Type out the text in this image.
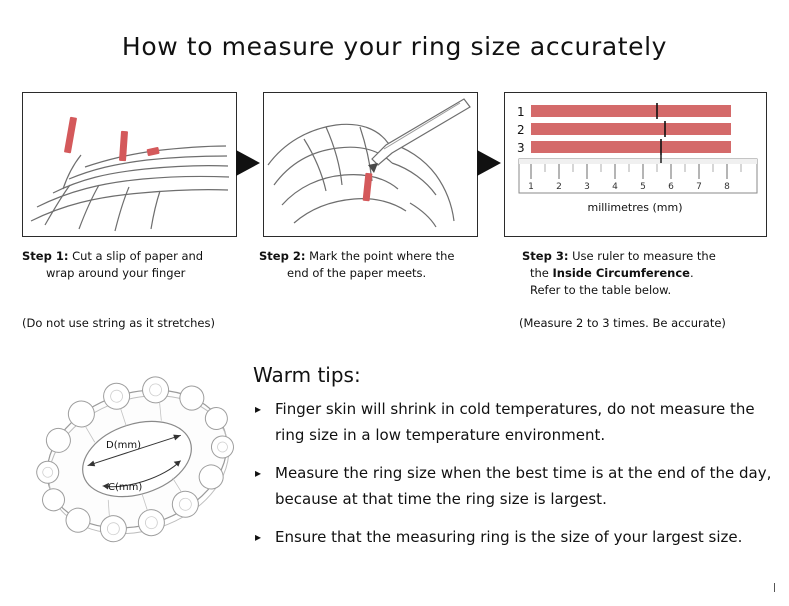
How to measure your ring size accurately
1
2
3
1 2 3 4 5 6 7 8
millimetres (mm)
Step 1: Cut a slip of paper and
wrap around your finger
(Do not use string as it stretches)
Step 2: Mark the point where the
end of the paper meets.
Step 3: Use ruler to measure the
the Inside Circumference.
Refer to the table below.
(Measure 2 to 3 times. Be accurate)
D(mm)
C(mm)
Warm tips:
▸ Finger skin will shrink in cold temperatures, do not measure the ring size in a low temperature environment.
▸ Measure the ring size when the best time is at the end of the day, because at that time the ring size is largest.
▸ Ensure that the measuring ring is the size of your largest size.
